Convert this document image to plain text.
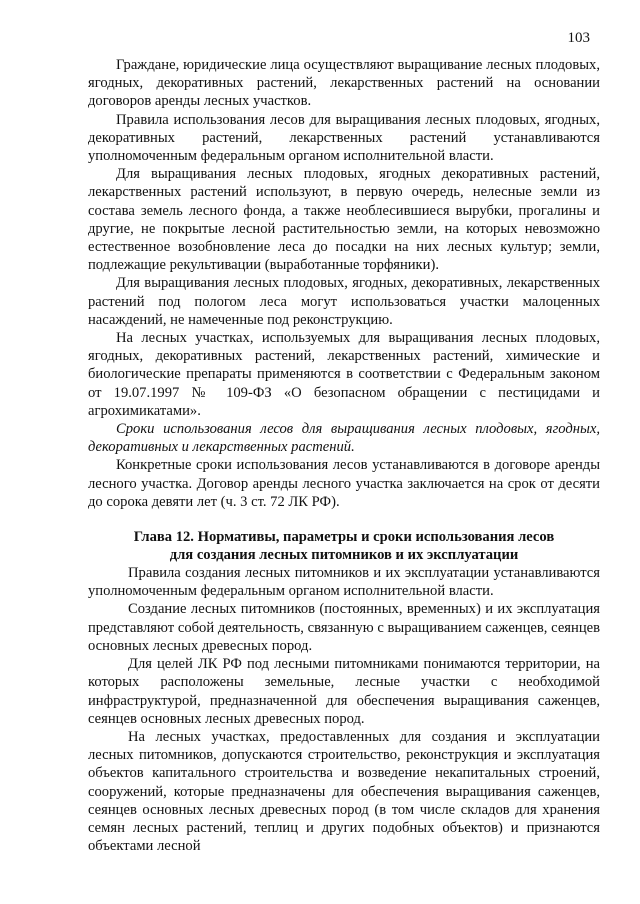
103

Граждане, юридические лица осуществляют выращивание лесных плодовых, ягодных, декоративных растений, лекарственных растений на основании договоров аренды лесных участков.

Правила использования лесов для выращивания лесных плодовых, ягодных, декоративных растений, лекарственных растений устанавливаются уполномоченным федеральным органом исполнительной власти.

Для выращивания лесных плодовых, ягодных декоративных растений, лекарственных растений используют, в первую очередь, нелесные земли из состава земель лесного фонда, а также необлесившиеся вырубки, прогалины и другие, не покрытые лесной растительностью земли, на которых невозможно естественное возобновление леса до посадки на них лесных культур; земли, подлежащие рекультивации (выработанные торфяники).

Для выращивания лесных плодовых, ягодных, декоративных, лекарственных растений под пологом леса могут использоваться участки малоценных насаждений, не намеченные под реконструкцию.

На лесных участках, используемых для выращивания лесных плодовых, ягодных, декоративных растений, лекарственных растений, химические и биологические препараты применяются в соответствии с Федеральным законом от 19.07.1997 № 109-ФЗ «О безопасном обращении с пестицидами и агрохимикатами».

Сроки использования лесов для выращивания лесных плодовых, ягодных, декоративных и лекарственных растений.

Конкретные сроки использования лесов устанавливаются в договоре аренды лесного участка. Договор аренды лесного участка заключается на срок от десяти до сорока девяти лет (ч. 3 ст. 72 ЛК РФ).

Глава 12. Нормативы, параметры и сроки использования лесов
для создания лесных питомников и их эксплуатации

Правила создания лесных питомников и их эксплуатации устанавливаются уполномоченным федеральным органом исполнительной власти.

Создание лесных питомников (постоянных, временных) и их эксплуатация представляют собой деятельность, связанную с выращиванием саженцев, сеянцев основных лесных древесных пород.

Для целей ЛК РФ под лесными питомниками понимаются территории, на которых расположены земельные, лесные участки с необходимой инфраструктурой, предназначенной для обеспечения выращивания саженцев, сеянцев основных лесных древесных пород.

На лесных участках, предоставленных для создания и эксплуатации лесных питомников, допускаются строительство, реконструкция и эксплуатация объектов капитального строительства и возведение некапитальных строений, сооружений, которые предназначены для обеспечения выращивания саженцев, сеянцев основных лесных древесных пород (в том числе складов для хранения семян лесных растений, теплиц и других подобных объектов) и признаются объектами лесной
